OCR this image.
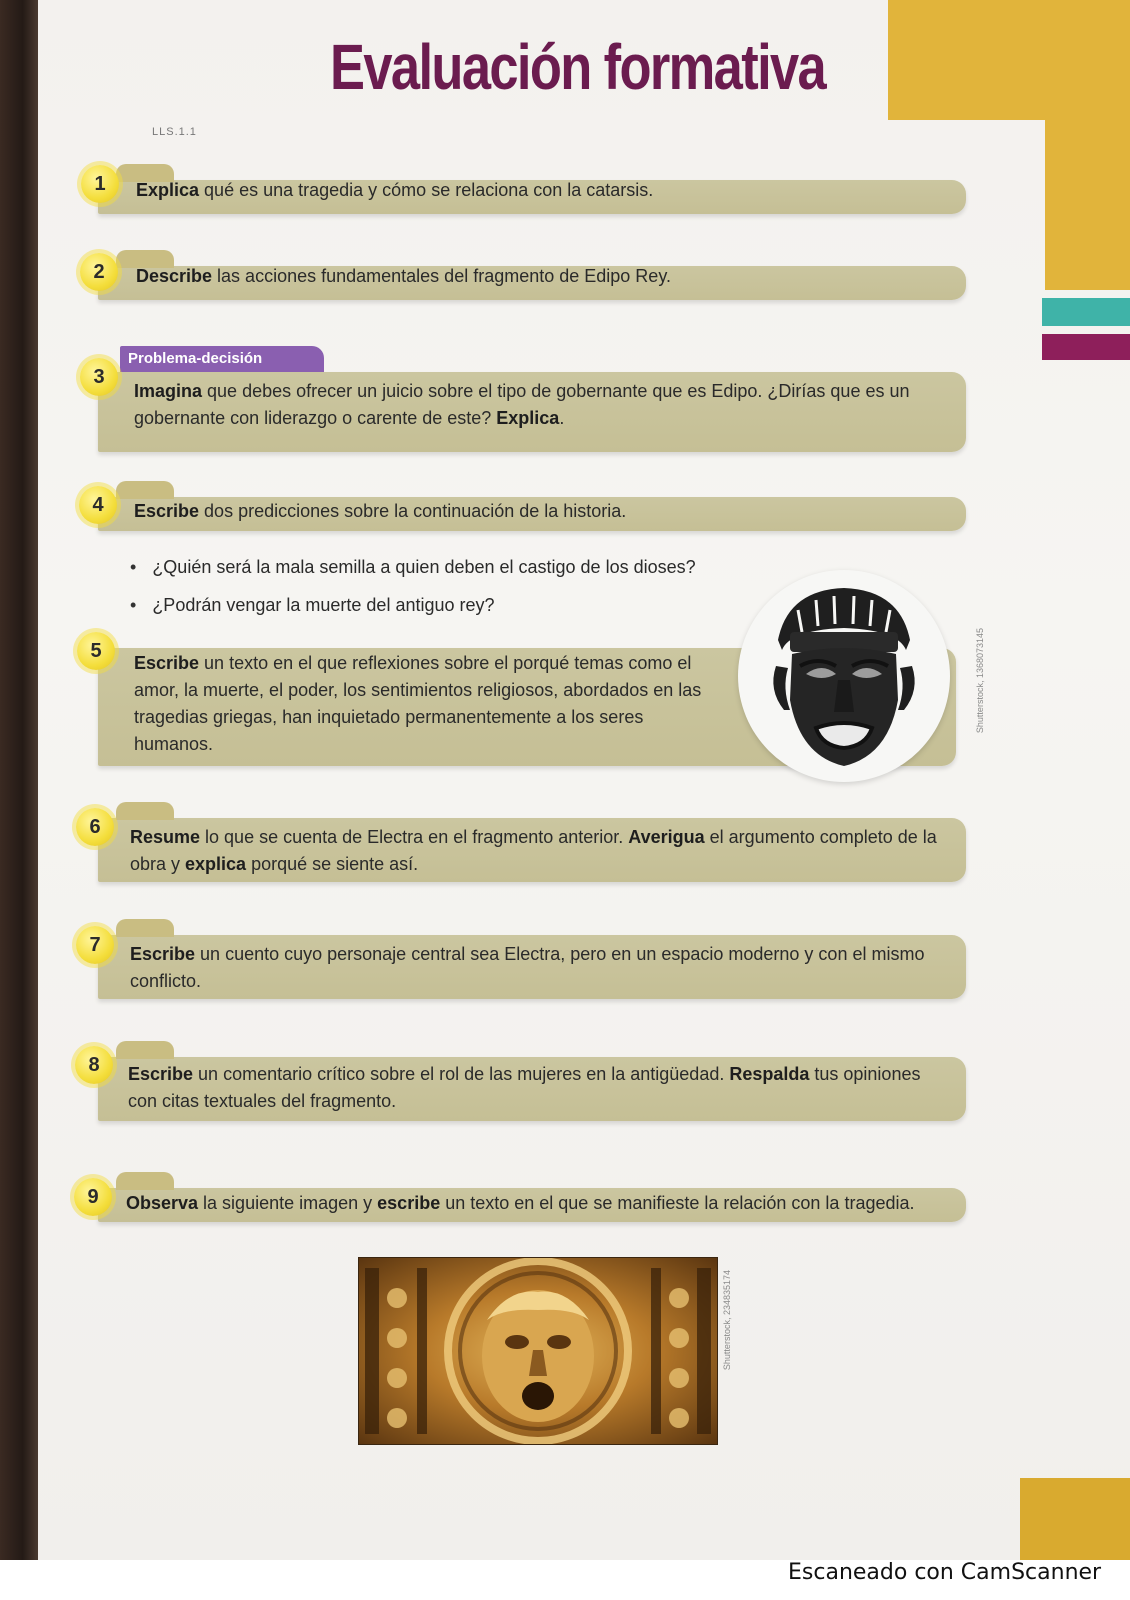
Evaluación formativa
LLS.1.1
1	Explica qué es una tragedia y cómo se relaciona con la catarsis.
2	Describe las acciones fundamentales del fragmento de Edipo Rey.
Problema-decisión
3
Imagina que debes ofrecer un juicio sobre el tipo de gobernante que es Edipo. ¿Dirías que es un gobernante con liderazgo o carente de este? Explica.
4	Escribe dos predicciones sobre la continuación de la historia.
• ¿Quién será la mala semilla a quien deben el castigo de los dioses?
• ¿Podrán vengar la muerte del antiguo rey?
5
Escribe un texto en el que reflexiones sobre el porqué temas como el amor, la muerte, el poder, los sentimientos religiosos, abordados en las tragedias griegas, han inquietado permanentemente a los seres humanos.
Shutterstock, 1368073145
6	Resume lo que se cuenta de Electra en el fragmento anterior. Averigua el argumento completo de la obra y explica porqué se siente así.
7	Escribe un cuento cuyo personaje central sea Electra, pero en un espacio moderno y con el mismo conflicto.
8	Escribe un comentario crítico sobre el rol de las mujeres en la antigüedad. Respalda tus opiniones con citas textuales del fragmento.
9	Observa la siguiente imagen y escribe un texto en el que se manifieste la relación con la tragedia.
Shutterstock, 234835174
Escaneado con CamScanner
